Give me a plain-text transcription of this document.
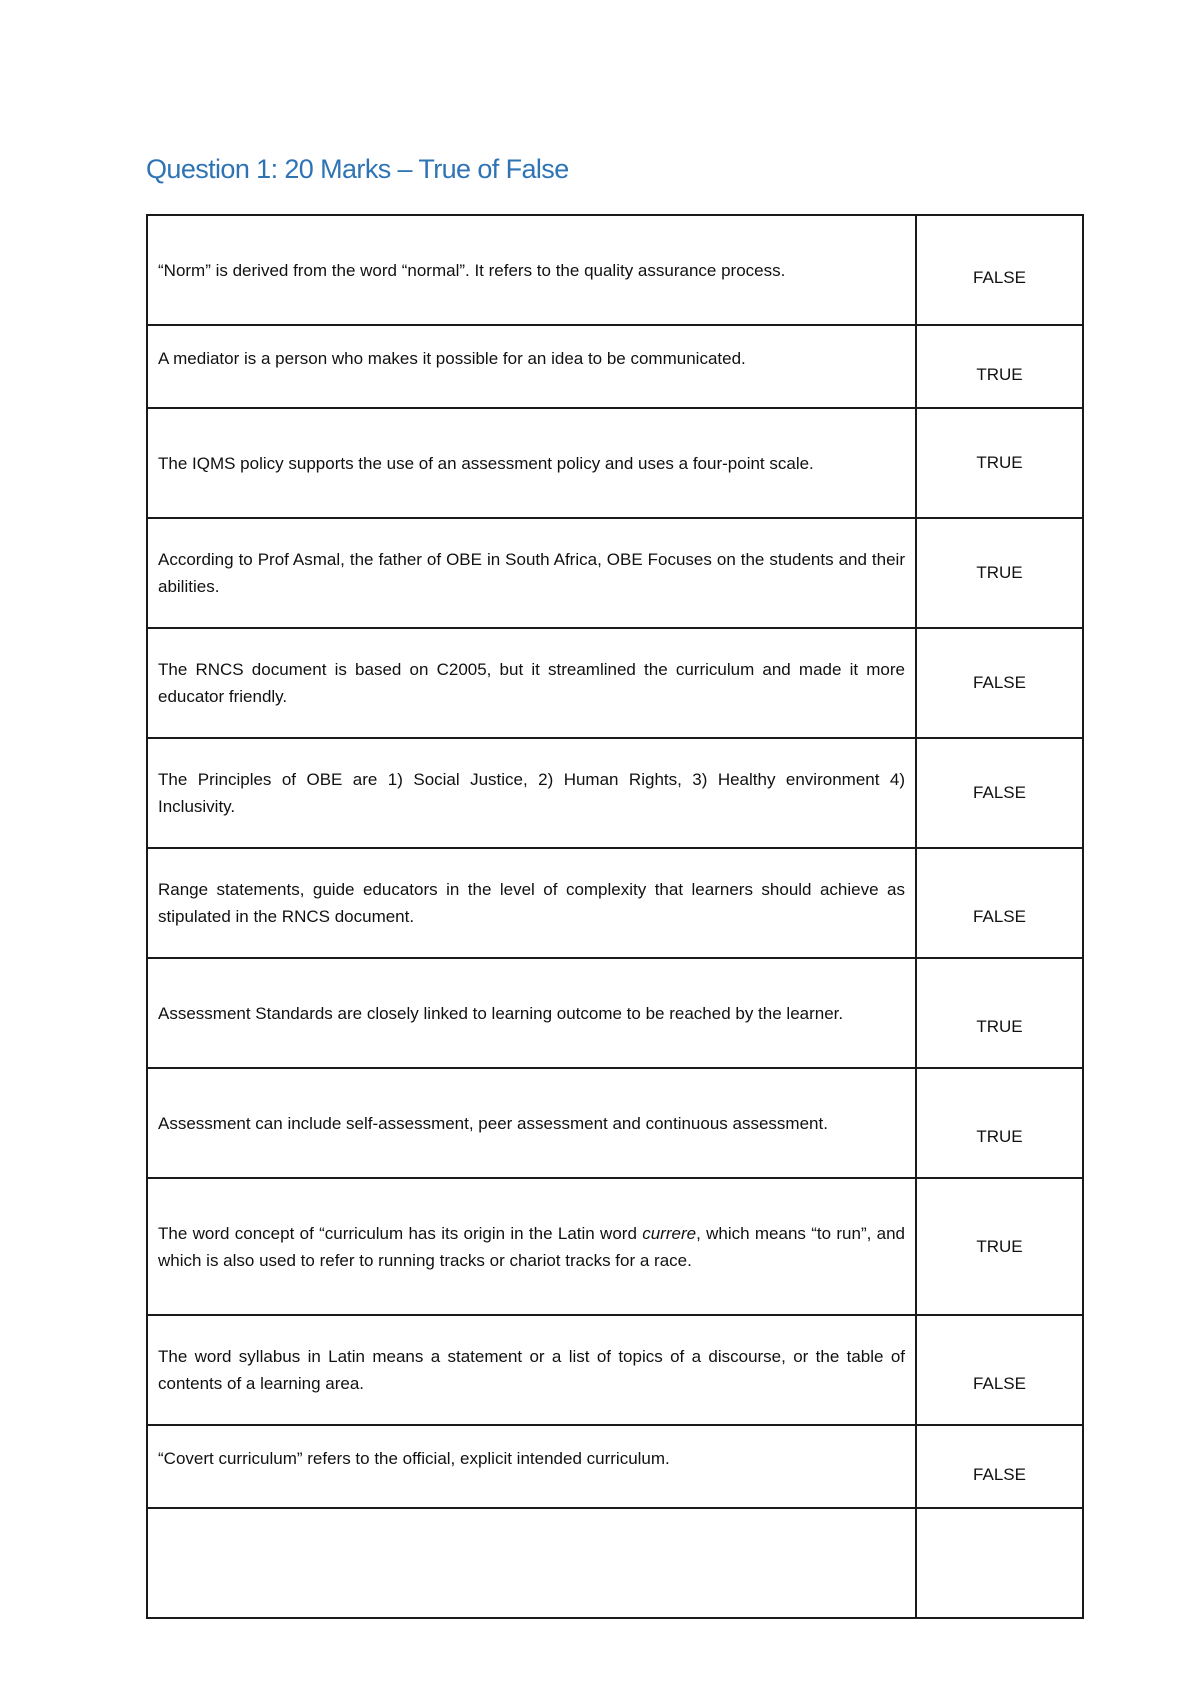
Question 1: 20 Marks – True of False
“Norm” is derived from the word “normal”. It refers to the quality assurance process.	FALSE

A mediator is a person who makes it possible for an idea to be communicated.	TRUE

The IQMS policy supports the use of an assessment policy and uses a four-point scale.	TRUE

According to Prof Asmal, the father of OBE in South Africa, OBE Focuses on the students and their abilities.	TRUE

The RNCS document is based on C2005, but it streamlined the curriculum and made it more educator friendly.	FALSE

The Principles of OBE are 1) Social Justice, 2) Human Rights, 3) Healthy environment 4) Inclusivity.	FALSE

Range statements, guide educators in the level of complexity that learners should achieve as stipulated in the RNCS document.	FALSE

Assessment Standards are closely linked to learning outcome to be reached by the learner.	TRUE

Assessment can include self-assessment, peer assessment and continuous assessment.	TRUE

The word concept of “curriculum has its origin in the Latin word currere, which means “to run”, and which is also used to refer to running tracks or chariot tracks for a race.	TRUE

The word syllabus in Latin means a statement or a list of topics of a discourse, or the table of contents of a learning area.	FALSE

“Covert curriculum” refers to the official, explicit intended curriculum.	FALSE
